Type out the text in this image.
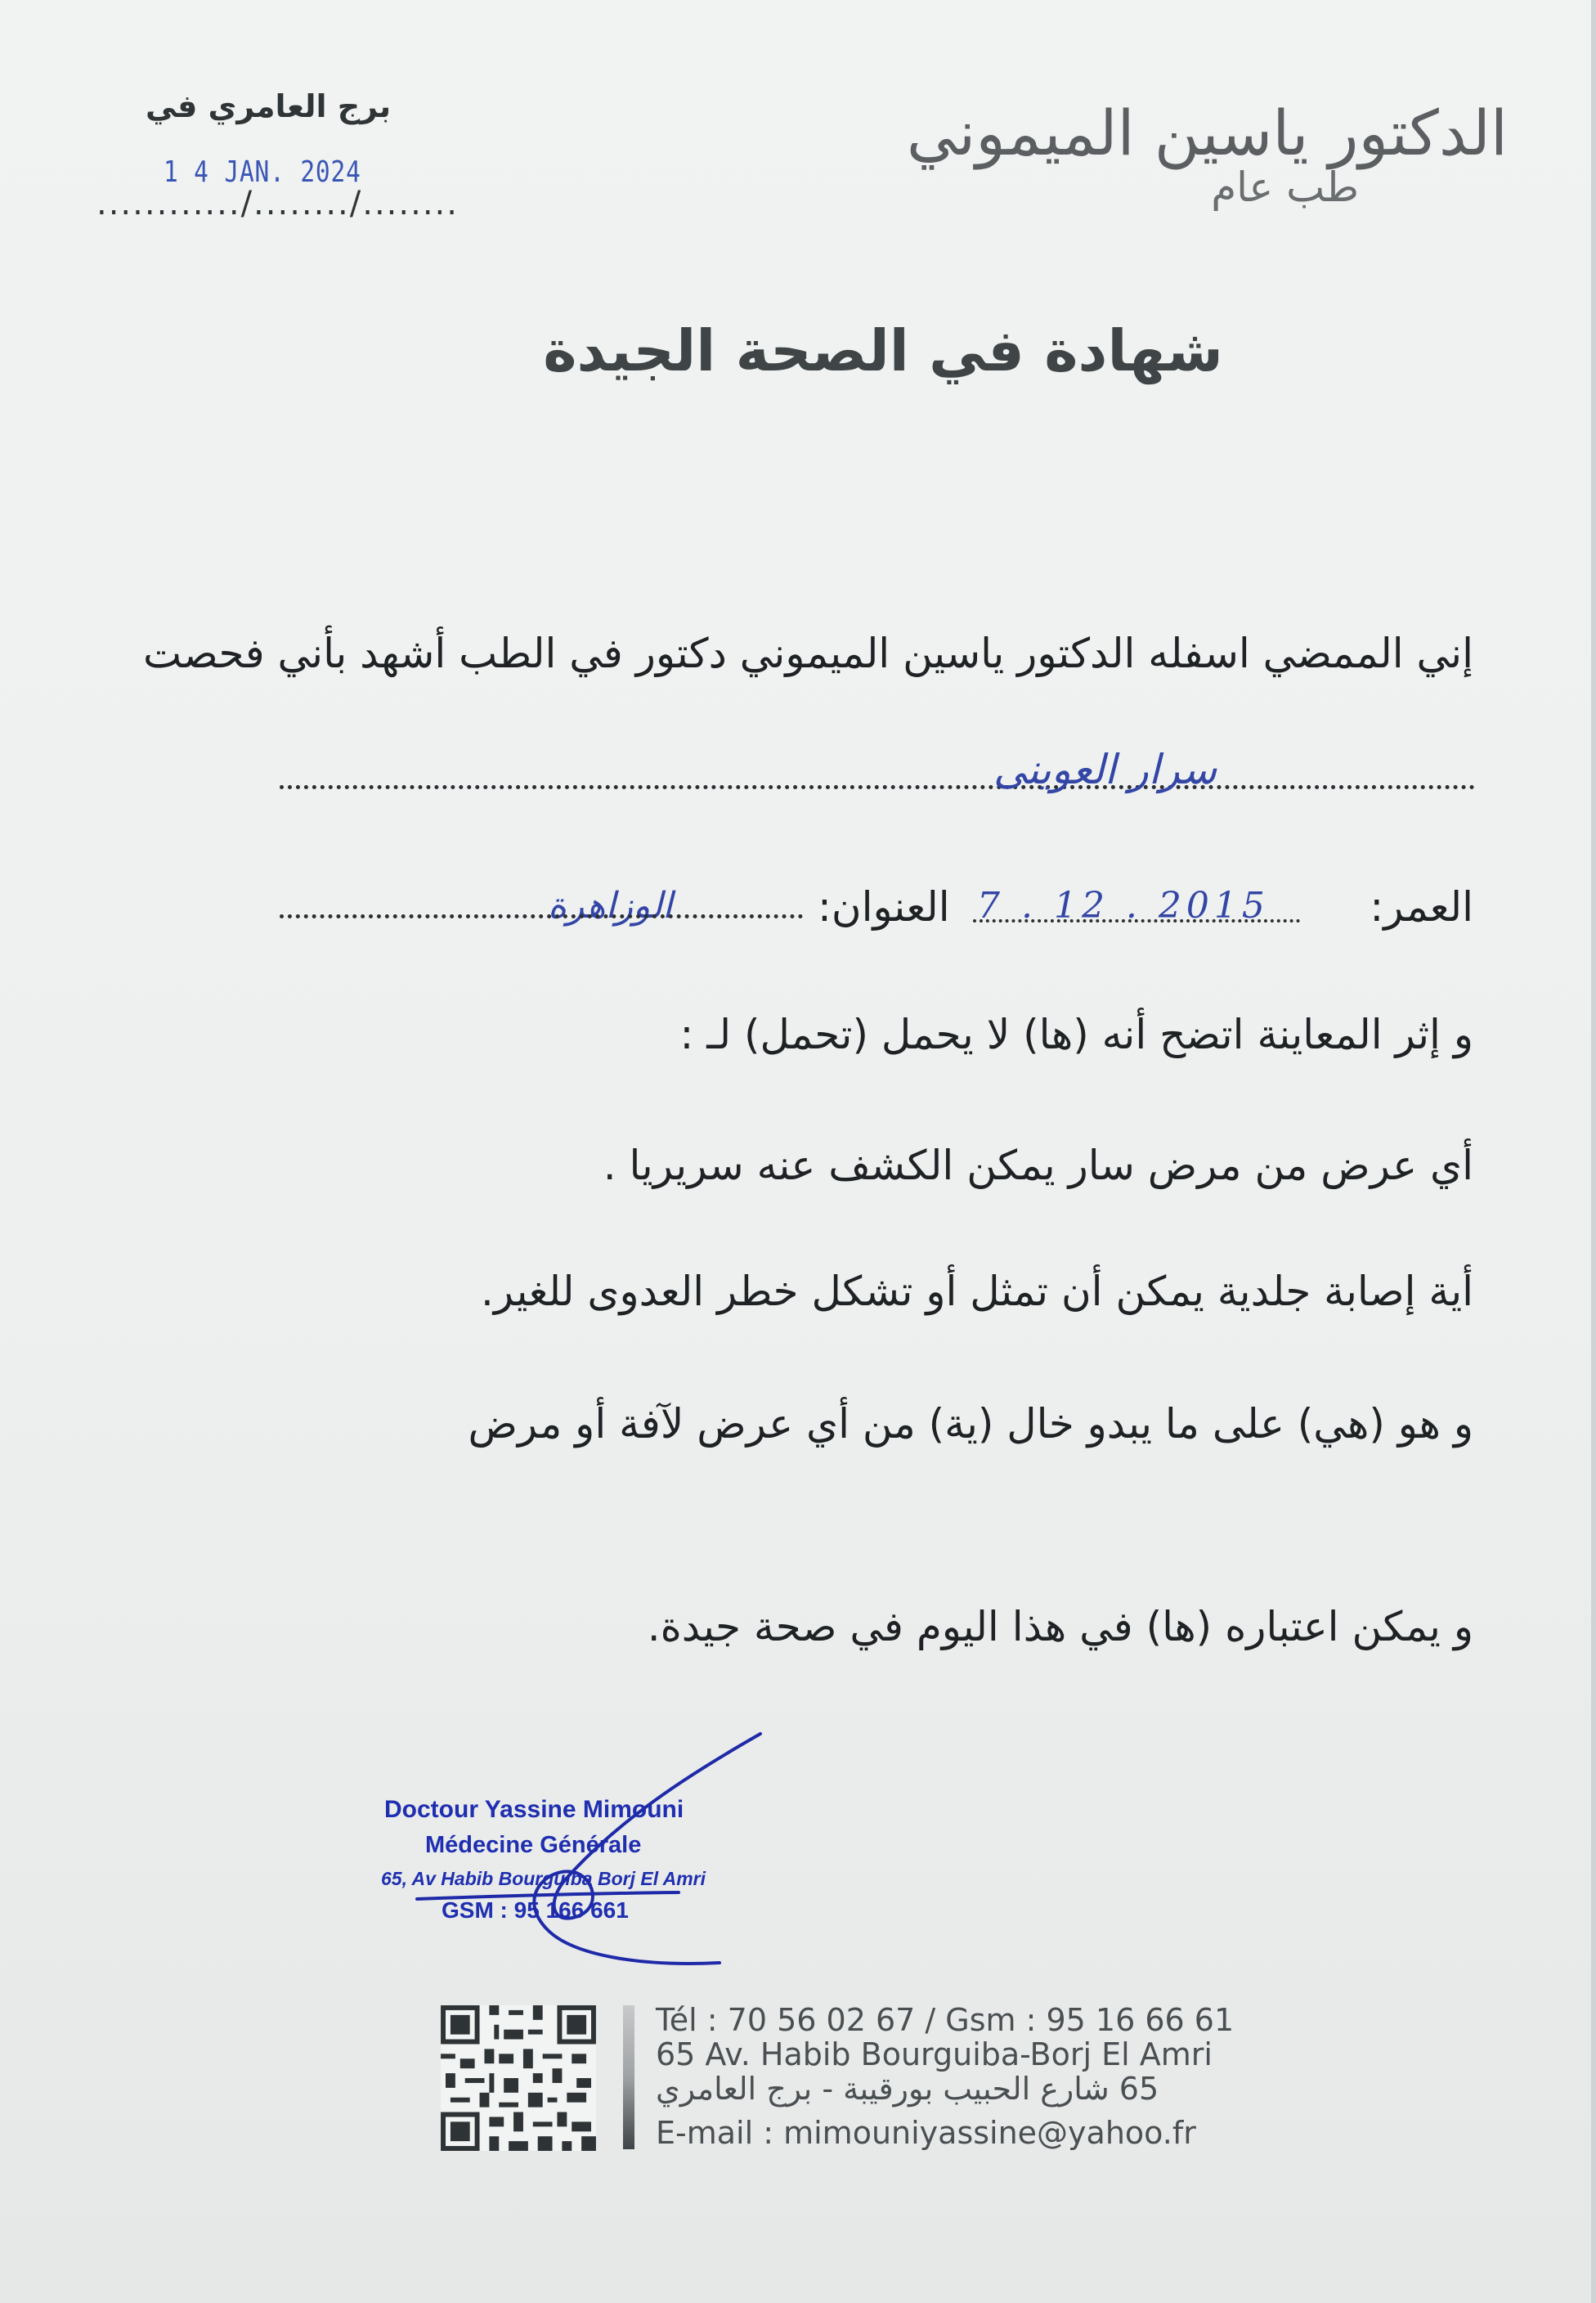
الدكتور ياسين الميموني
طب عام
برج العامري في
1 4 JAN. 2024
............/......../........
شهادة في الصحة الجيدة
إني الممضي اسفله الدكتور ياسين الميموني دكتور في الطب أشهد بأني فحصت
سرار العوينى
العمر:
7 . 12 . 2015
العنوان:
الوزاهرة
و إثر المعاينة اتضح أنه (ها) لا يحمل (تحمل) لـ :
أي عرض من مرض سار يمكن الكشف عنه سريريا .
أية إصابة جلدية يمكن أن تمثل أو تشكل خطر العدوى للغير.
و هو (هي) على ما يبدو خال (ية) من أي عرض لآفة أو مرض
و يمكن اعتباره (ها) في هذا اليوم في صحة جيدة.
Doctour Yassine Mimouni
Médecine Générale
65, Av Habib Bourguiba Borj El Amri
GSM : 95 166 661
Tél : 70 56 02 67 / Gsm : 95 16 66 61
65 Av. Habib Bourguiba-Borj El Amri
65 شارع الحبيب بورقيبة - برج العامري
E-mail : mimouniyassine@yahoo.fr
